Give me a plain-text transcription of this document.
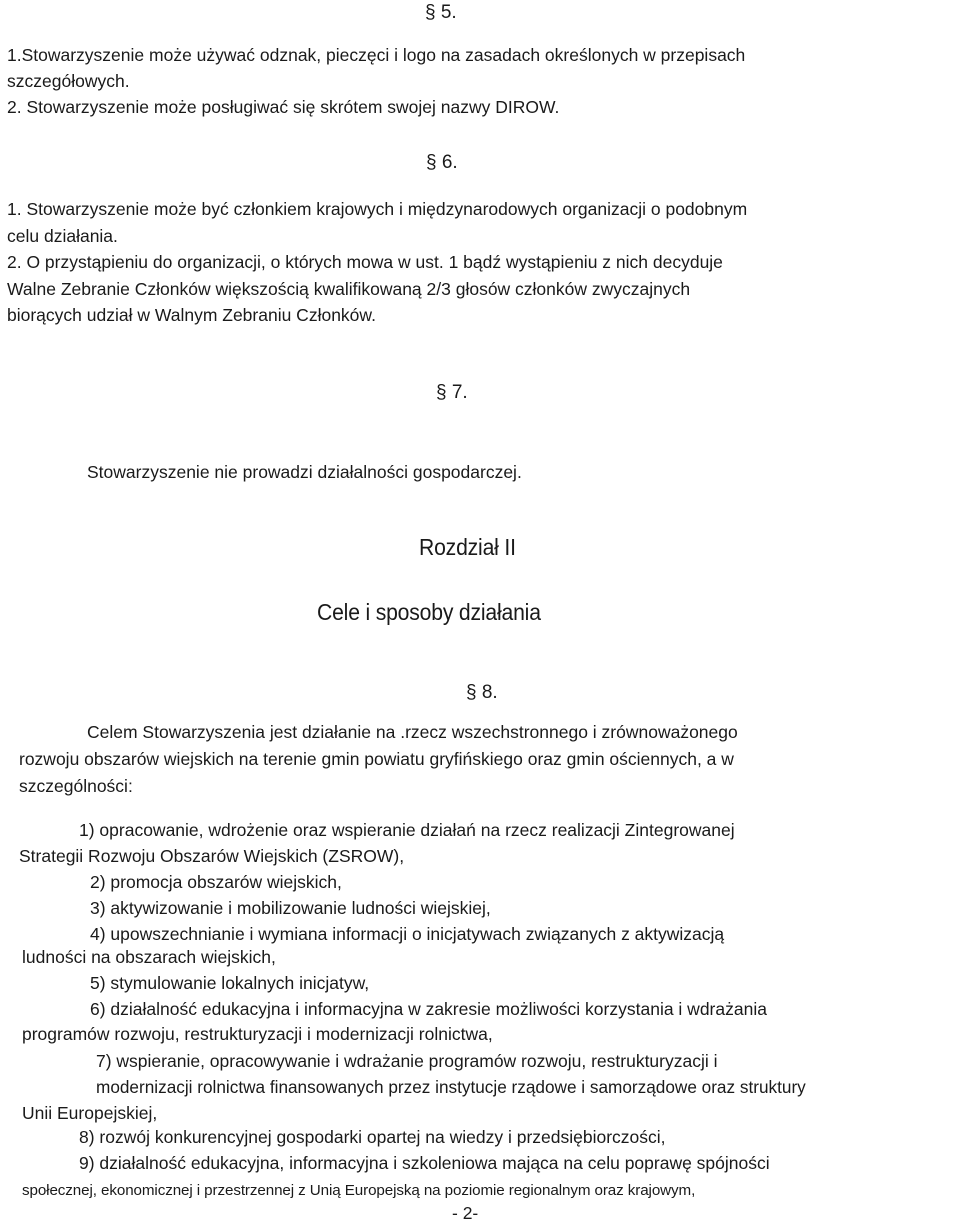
§ 5.
1.Stowarzyszenie może używać odznak, pieczęci i logo na zasadach określonych w przepisach
szczegółowych.
2. Stowarzyszenie może posługiwać się skrótem swojej nazwy DIROW.
§ 6.
1. Stowarzyszenie może być członkiem krajowych i międzynarodowych organizacji o podobnym
celu działania.
2. O przystąpieniu do organizacji, o których mowa w ust. 1 bądź wystąpieniu z nich decyduje
Walne Zebranie Członków większością kwalifikowaną 2/3 głosów członków zwyczajnych
biorących udział w Walnym Zebraniu Członków.
§ 7.
Stowarzyszenie nie prowadzi działalności gospodarczej.
Rozdział II
Cele i sposoby działania
§ 8.
Celem Stowarzyszenia jest działanie na .rzecz wszechstronnego i zrównoważonego
rozwoju obszarów wiejskich na terenie gmin powiatu gryfińskiego oraz gmin ościennych, a w
szczególności:
1) opracowanie, wdrożenie oraz wspieranie działań na rzecz realizacji Zintegrowanej
Strategii Rozwoju Obszarów Wiejskich (ZSROW),
2) promocja obszarów wiejskich,
3) aktywizowanie i mobilizowanie ludności wiejskiej,
4) upowszechnianie i wymiana informacji o inicjatywach związanych z aktywizacją
ludności na obszarach wiejskich,
5) stymulowanie lokalnych inicjatyw,
6) działalność edukacyjna i informacyjna w zakresie możliwości korzystania i wdrażania
programów rozwoju, restrukturyzacji i modernizacji rolnictwa,
7) wspieranie, opracowywanie i wdrażanie programów rozwoju, restrukturyzacji i
modernizacji rolnictwa finansowanych przez instytucje rządowe i samorządowe oraz struktury
Unii Europejskiej,
8) rozwój konkurencyjnej gospodarki opartej na wiedzy i przedsiębiorczości,
9) działalność edukacyjna, informacyjna i szkoleniowa mająca na celu poprawę spójności
społecznej, ekonomicznej i przestrzennej z Unią Europejską na poziomie regionalnym oraz krajowym,
- 2-
